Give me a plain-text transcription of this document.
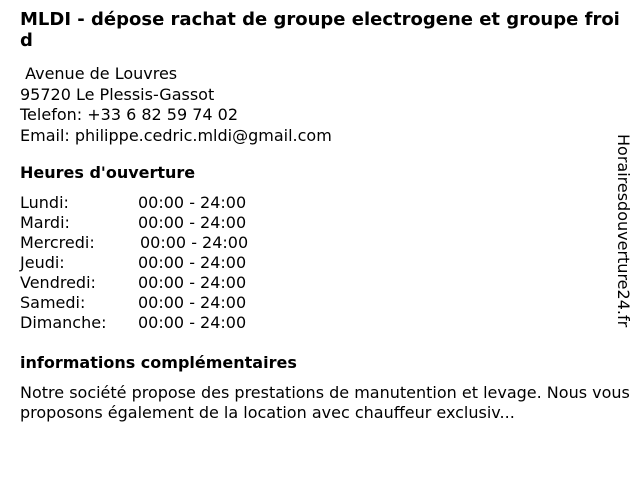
MLDI - dépose rachat de groupe electrogene et groupe froid
Avenue de Louvres
95720 Le Plessis-Gassot
Telefon: +33 6 82 59 74 02
Email: philippe.cedric.mldi@gmail.com
Heures d'ouverture
Lundi:	00:00 - 24:00
Mardi:	00:00 - 24:00
Mercredi:	00:00 - 24:00
Jeudi:	00:00 - 24:00
Vendredi:	00:00 - 24:00
Samedi:	00:00 - 24:00
Dimanche: 00:00 - 24:00
informations complémentaires

Notre société propose des prestations de manutention et levage. Nous vous proposons également de la location avec chauffeur exclusiv...

Horairesdouverture24.fr
